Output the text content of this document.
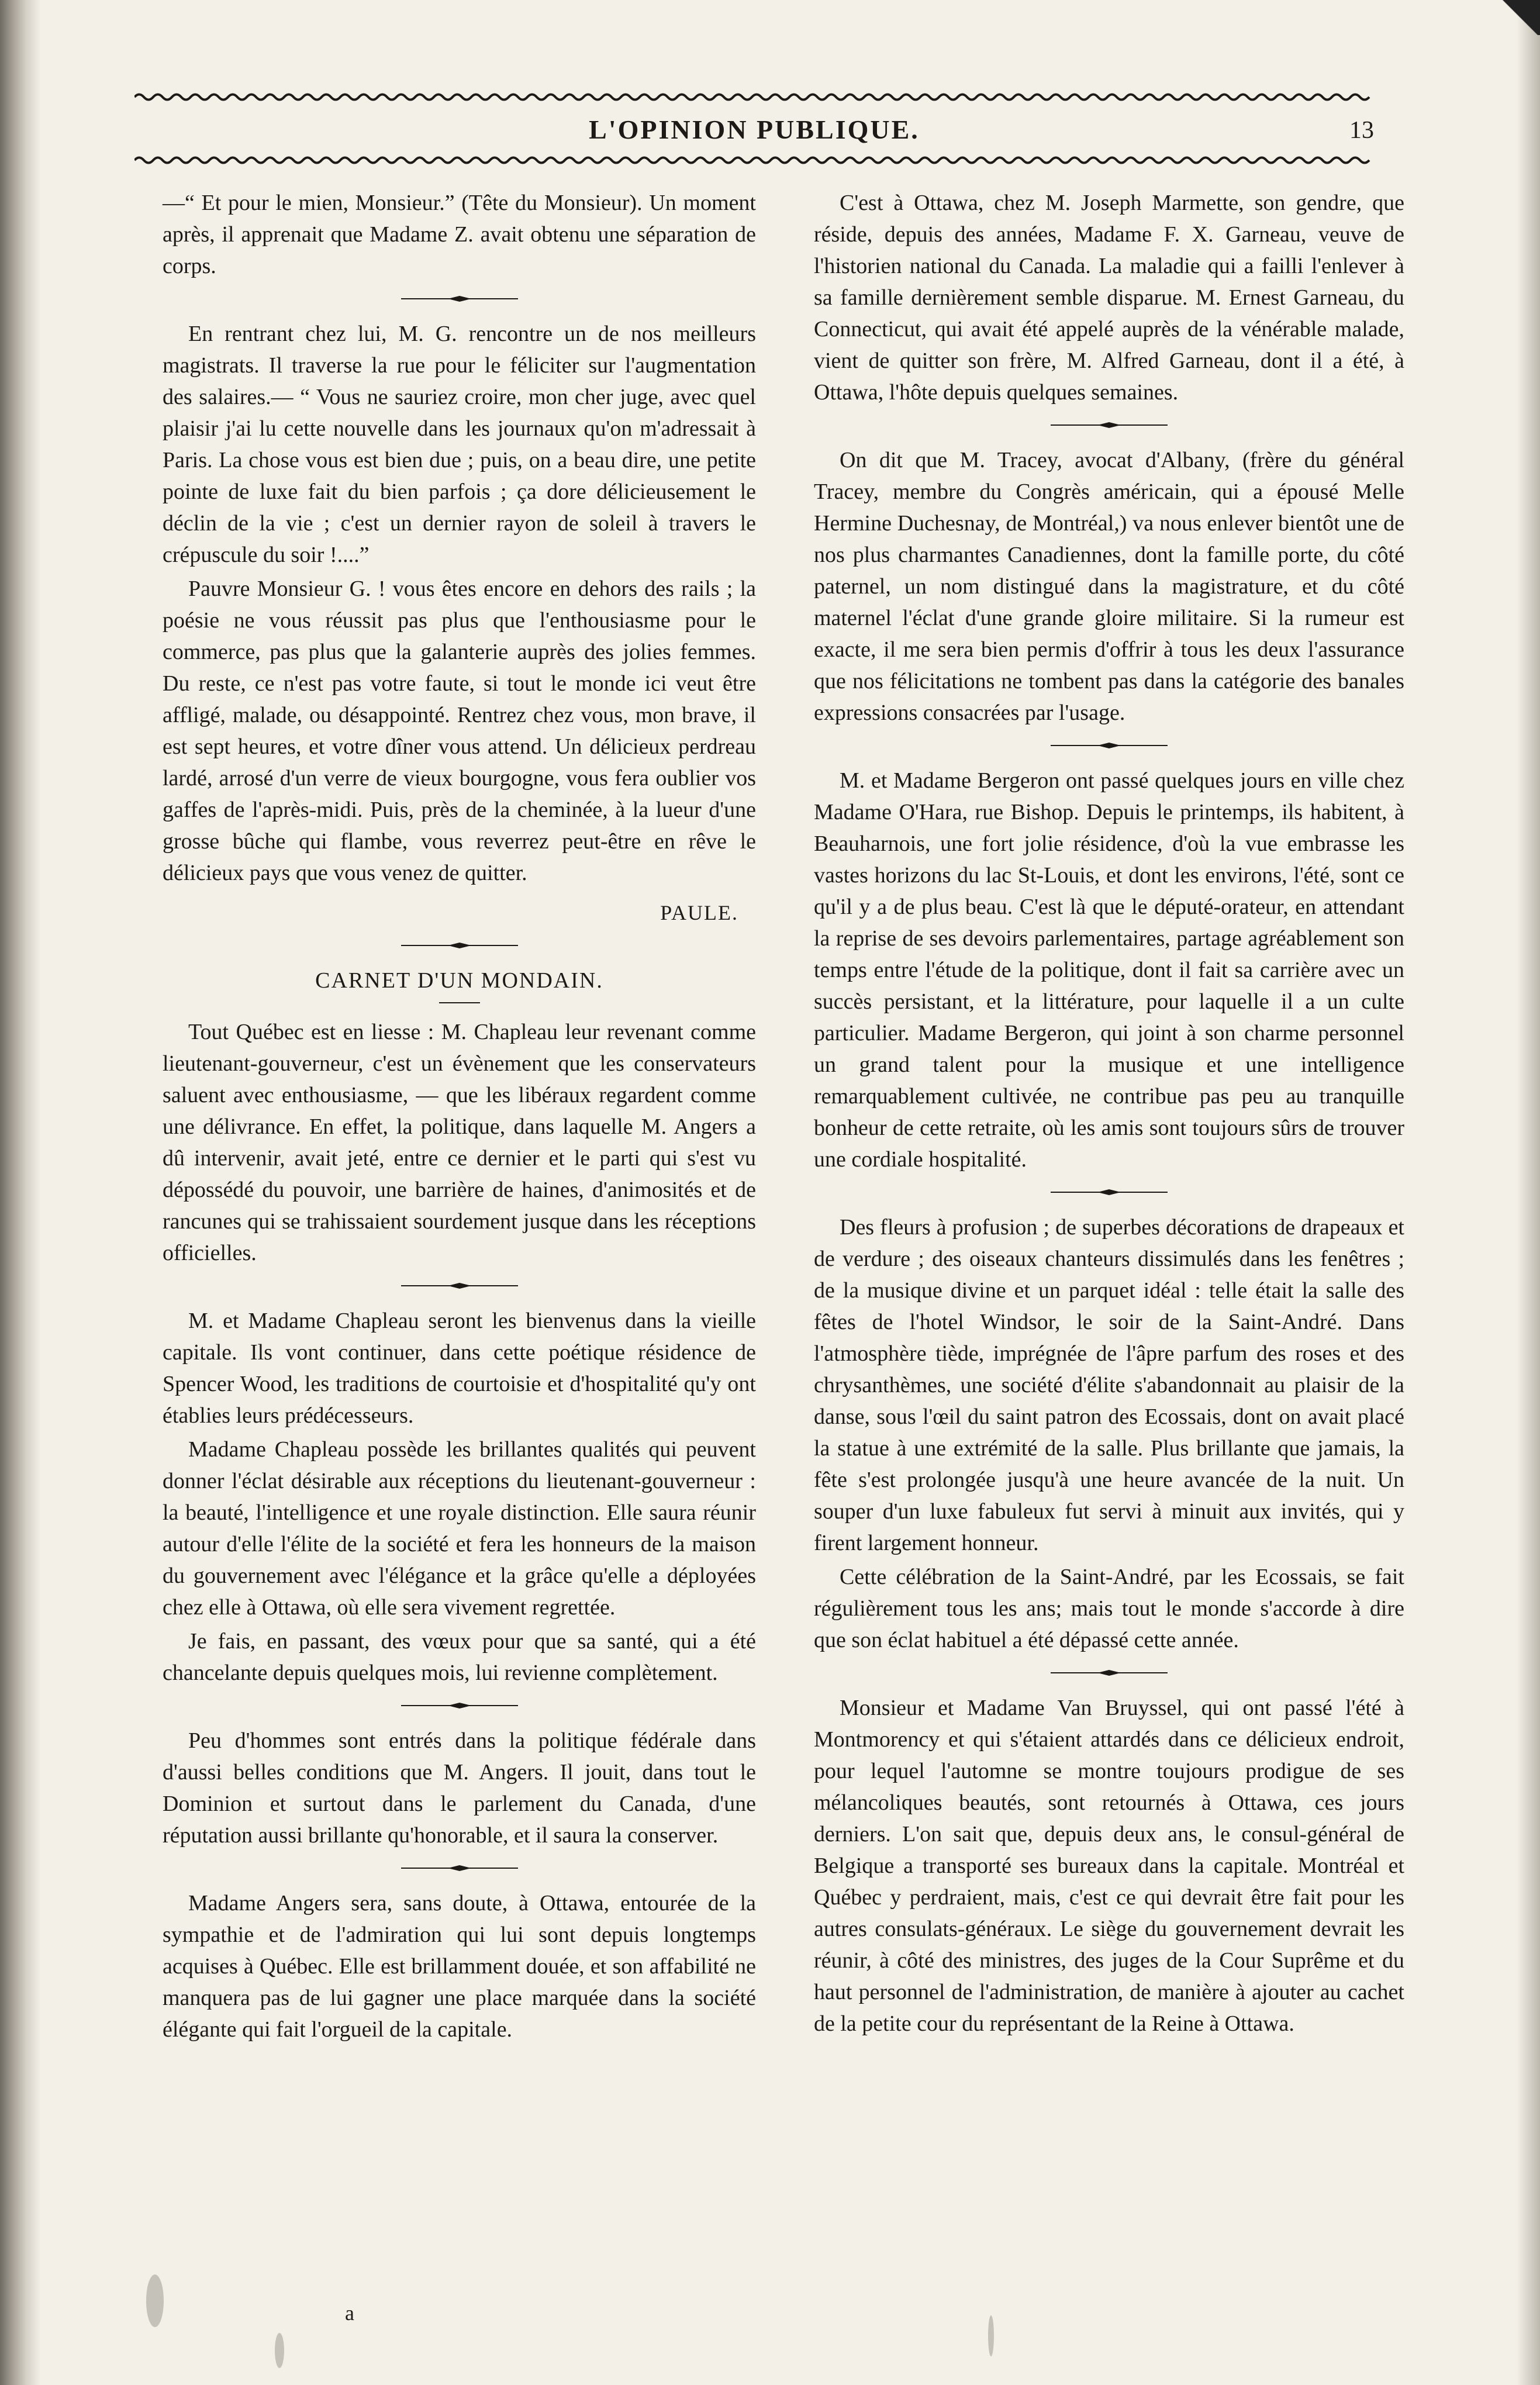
L'OPINION PUBLIQUE.	13

—“ Et pour le mien, Monsieur.” (Tête du Monsieur). Un moment après, il apprenait que Madame Z. avait obtenu une séparation de corps.

En rentrant chez lui, M. G. rencontre un de nos meilleurs magistrats. Il traverse la rue pour le féliciter sur l'augmentation des salaires.— “ Vous ne sauriez croire, mon cher juge, avec quel plaisir j'ai lu cette nouvelle dans les journaux qu'on m'adressait à Paris. La chose vous est bien due ; puis, on a beau dire, une petite pointe de luxe fait du bien parfois ; ça dore délicieusement le déclin de la vie ; c'est un dernier rayon de soleil à travers le crépuscule du soir !....”

Pauvre Monsieur G. ! vous êtes encore en dehors des rails ; la poésie ne vous réussit pas plus que l'enthousiasme pour le commerce, pas plus que la galanterie auprès des jolies femmes. Du reste, ce n'est pas votre faute, si tout le monde ici veut être affligé, malade, ou désappointé. Rentrez chez vous, mon brave, il est sept heures, et votre dîner vous attend. Un délicieux perdreau lardé, arrosé d'un verre de vieux bourgogne, vous fera oublier vos gaffes de l'après-midi. Puis, près de la cheminée, à la lueur d'une grosse bûche qui flambe, vous reverrez peut-être en rêve le délicieux pays que vous venez de quitter.

PAULE.
CARNET D'UN MONDAIN.

Tout Québec est en liesse : M. Chapleau leur revenant comme lieutenant-gouverneur, c'est un évènement que les conservateurs saluent avec enthousiasme, — que les libéraux regardent comme une délivrance. En effet, la politique, dans laquelle M. Angers a dû intervenir, avait jeté, entre ce dernier et le parti qui s'est vu dépossédé du pouvoir, une barrière de haines, d'animosités et de rancunes qui se trahissaient sourdement jusque dans les réceptions officielles.

M. et Madame Chapleau seront les bienvenus dans la vieille capitale. Ils vont continuer, dans cette poétique résidence de Spencer Wood, les traditions de courtoisie et d'hospitalité qu'y ont établies leurs prédécesseurs.

Madame Chapleau possède les brillantes qualités qui peuvent donner l'éclat désirable aux réceptions du lieutenant-gouverneur : la beauté, l'intelligence et une royale distinction. Elle saura réunir autour d'elle l'élite de la société et fera les honneurs de la maison du gouvernement avec l'élégance et la grâce qu'elle a déployées chez elle à Ottawa, où elle sera vivement regrettée.

Je fais, en passant, des vœux pour que sa santé, qui a été chancelante depuis quelques mois, lui revienne complètement.

Peu d'hommes sont entrés dans la politique fédérale dans d'aussi belles conditions que M. Angers. Il jouit, dans tout le Dominion et surtout dans le parlement du Canada, d'une réputation aussi brillante qu'honorable, et il saura la conserver.

Madame Angers sera, sans doute, à Ottawa, entourée de la sympathie et de l'admiration qui lui sont depuis longtemps acquises à Québec. Elle est brillamment douée, et son affabilité ne manquera pas de lui gagner une place marquée dans la société élégante qui fait l'orgueil de la capitale.

C'est à Ottawa, chez M. Joseph Marmette, son gendre, que réside, depuis des années, Madame F. X. Garneau, veuve de l'historien national du Canada. La maladie qui a failli l'enlever à sa famille dernièrement semble disparue. M. Ernest Garneau, du Connecticut, qui avait été appelé auprès de la vénérable malade, vient de quitter son frère, M. Alfred Garneau, dont il a été, à Ottawa, l'hôte depuis quelques semaines.

On dit que M. Tracey, avocat d'Albany, (frère du général Tracey, membre du Congrès américain, qui a épousé Melle Hermine Duchesnay, de Montréal,) va nous enlever bientôt une de nos plus charmantes Canadiennes, dont la famille porte, du côté paternel, un nom distingué dans la magistrature, et du côté maternel l'éclat d'une grande gloire militaire. Si la rumeur est exacte, il me sera bien permis d'offrir à tous les deux l'assurance que nos félicitations ne tombent pas dans la catégorie des banales expressions consacrées par l'usage.

M. et Madame Bergeron ont passé quelques jours en ville chez Madame O'Hara, rue Bishop. Depuis le printemps, ils habitent, à Beauharnois, une fort jolie résidence, d'où la vue embrasse les vastes horizons du lac St-Louis, et dont les environs, l'été, sont ce qu'il y a de plus beau. C'est là que le député-orateur, en attendant la reprise de ses devoirs parlementaires, partage agréablement son temps entre l'étude de la politique, dont il fait sa carrière avec un succès persistant, et la littérature, pour laquelle il a un culte particulier. Madame Bergeron, qui joint à son charme personnel un grand talent pour la musique et une intelligence remarquablement cultivée, ne contribue pas peu au tranquille bonheur de cette retraite, où les amis sont toujours sûrs de trouver une cordiale hospitalité.

Des fleurs à profusion ; de superbes décorations de drapeaux et de verdure ; des oiseaux chanteurs dissimulés dans les fenêtres ; de la musique divine et un parquet idéal : telle était la salle des fêtes de l'hotel Windsor, le soir de la Saint-André. Dans l'atmosphère tiède, imprégnée de l'âpre parfum des roses et des chrysanthèmes, une société d'élite s'abandonnait au plaisir de la danse, sous l'œil du saint patron des Ecossais, dont on avait placé la statue à une extrémité de la salle. Plus brillante que jamais, la fête s'est prolongée jusqu'à une heure avancée de la nuit. Un souper d'un luxe fabuleux fut servi à minuit aux invités, qui y firent largement honneur.

Cette célébration de la Saint-André, par les Ecossais, se fait régulièrement tous les ans; mais tout le monde s'accorde à dire que son éclat habituel a été dépassé cette année.

Monsieur et Madame Van Bruyssel, qui ont passé l'été à Montmorency et qui s'étaient attardés dans ce délicieux endroit, pour lequel l'automne se montre toujours prodigue de ses mélancoliques beautés, sont retournés à Ottawa, ces jours derniers. L'on sait que, depuis deux ans, le consul-général de Belgique a transporté ses bureaux dans la capitale. Montréal et Québec y perdraient, mais, c'est ce qui devrait être fait pour les autres consulats-généraux. Le siège du gouvernement devrait les réunir, à côté des ministres, des juges de la Cour Suprême et du haut personnel de l'administration, de manière à ajouter au cachet de la petite cour du représentant de la Reine à Ottawa.

a
